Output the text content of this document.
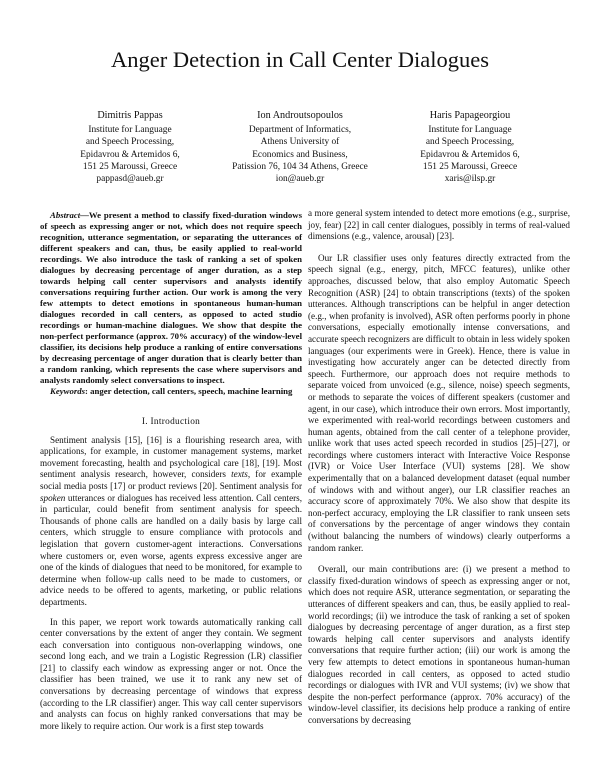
Anger Detection in Call Center Dialogues
Dimitris Pappas
Institute for Language
and Speech Processing,
Epidavrou & Artemidos 6,
151 25 Maroussi, Greece
pappasd@aueb.gr
Ion Androutsopoulos
Department of Informatics,
Athens University of
Economics and Business,
Patission 76, 104 34 Athens, Greece
ion@aueb.gr
Haris Papageorgiou
Institute for Language
and Speech Processing,
Epidavrou & Artemidos 6,
151 25 Maroussi, Greece
xaris@ilsp.gr

Abstract—We present a method to classify fixed-duration windows of speech as expressing anger or not, which does not require speech recognition, utterance segmentation, or separating the utterances of different speakers and can, thus, be easily applied to real-world recordings. We also introduce the task of ranking a set of spoken dialogues by decreasing percentage of anger duration, as a step towards helping call center supervisors and analysts identify conversations requiring further action. Our work is among the very few attempts to detect emotions in spontaneous human-human dialogues recorded in call centers, as opposed to acted studio recordings or human-machine dialogues. We show that despite the non-perfect performance (approx. 70% accuracy) of the window-level classifier, its decisions help produce a ranking of entire conversations by decreasing percentage of anger duration that is clearly better than a random ranking, which represents the case where supervisors and analysts randomly select conversations to inspect.

Keywords: anger detection, call centers, speech, machine learning

I. Introduction

Sentiment analysis [15], [16] is a flourishing research area, with applications, for example, in customer management systems, market movement forecasting, health and psychological care [18], [19]. Most sentiment analysis research, however, considers texts, for example social media posts [17] or product reviews [20]. Sentiment analysis for spoken utterances or dialogues has received less attention. Call centers, in particular, could benefit from sentiment analysis for speech. Thousands of phone calls are handled on a daily basis by large call centers, which struggle to ensure compliance with protocols and legislation that govern customer-agent interactions. Conversations where customers or, even worse, agents express excessive anger are one of the kinds of dialogues that need to be monitored, for example to determine when follow-up calls need to be made to customers, or advice needs to be offered to agents, marketing, or public relations departments.

In this paper, we report work towards automatically ranking call center conversations by the extent of anger they contain. We segment each conversation into contiguous non-overlapping windows, one second long each, and we train a Logistic Regression (LR) classifier [21] to classify each window as expressing anger or not. Once the classifier has been trained, we use it to rank any new set of conversations by decreasing percentage of windows that express (according to the LR classifier) anger. This way call center supervisors and analysts can focus on highly ranked conversations that may be more likely to require action. Our work is a first step towards

a more general system intended to detect more emotions (e.g., surprise, joy, fear) [22] in call center dialogues, possibly in terms of real-valued dimensions (e.g., valence, arousal) [23].

Our LR classifier uses only features directly extracted from the speech signal (e.g., energy, pitch, MFCC features), unlike other approaches, discussed below, that also employ Automatic Speech Recognition (ASR) [24] to obtain transcriptions (texts) of the spoken utterances. Although transcriptions can be helpful in anger detection (e.g., when profanity is involved), ASR often performs poorly in phone conversations, especially emotionally intense conversations, and accurate speech recognizers are difficult to obtain in less widely spoken languages (our experiments were in Greek). Hence, there is value in investigating how accurately anger can be detected directly from speech. Furthermore, our approach does not require methods to separate voiced from unvoiced (e.g., silence, noise) speech segments, or methods to separate the voices of different speakers (customer and agent, in our case), which introduce their own errors. Most importantly, we experimented with real-world recordings between customers and human agents, obtained from the call center of a telephone provider, unlike work that uses acted speech recorded in studios [25]–[27], or recordings where customers interact with Interactive Voice Response (IVR) or Voice User Interface (VUI) systems [28]. We show experimentally that on a balanced development dataset (equal number of windows with and without anger), our LR classifier reaches an accuracy score of approximately 70%. We also show that despite its non-perfect accuracy, employing the LR classifier to rank unseen sets of conversations by the percentage of anger windows they contain (without balancing the numbers of windows) clearly outperforms a random ranker.

Overall, our main contributions are: (i) we present a method to classify fixed-duration windows of speech as expressing anger or not, which does not require ASR, utterance segmentation, or separating the utterances of different speakers and can, thus, be easily applied to real-world recordings; (ii) we introduce the task of ranking a set of spoken dialogues by decreasing percentage of anger duration, as a first step towards helping call center supervisors and analysts identify conversations that require further action; (iii) our work is among the very few attempts to detect emotions in spontaneous human-human dialogues recorded in call centers, as opposed to acted studio recordings or dialogues with IVR and VUI systems; (iv) we show that despite the non-perfect performance (approx. 70% accuracy) of the window-level classifier, its decisions help produce a ranking of entire conversations by decreasing
